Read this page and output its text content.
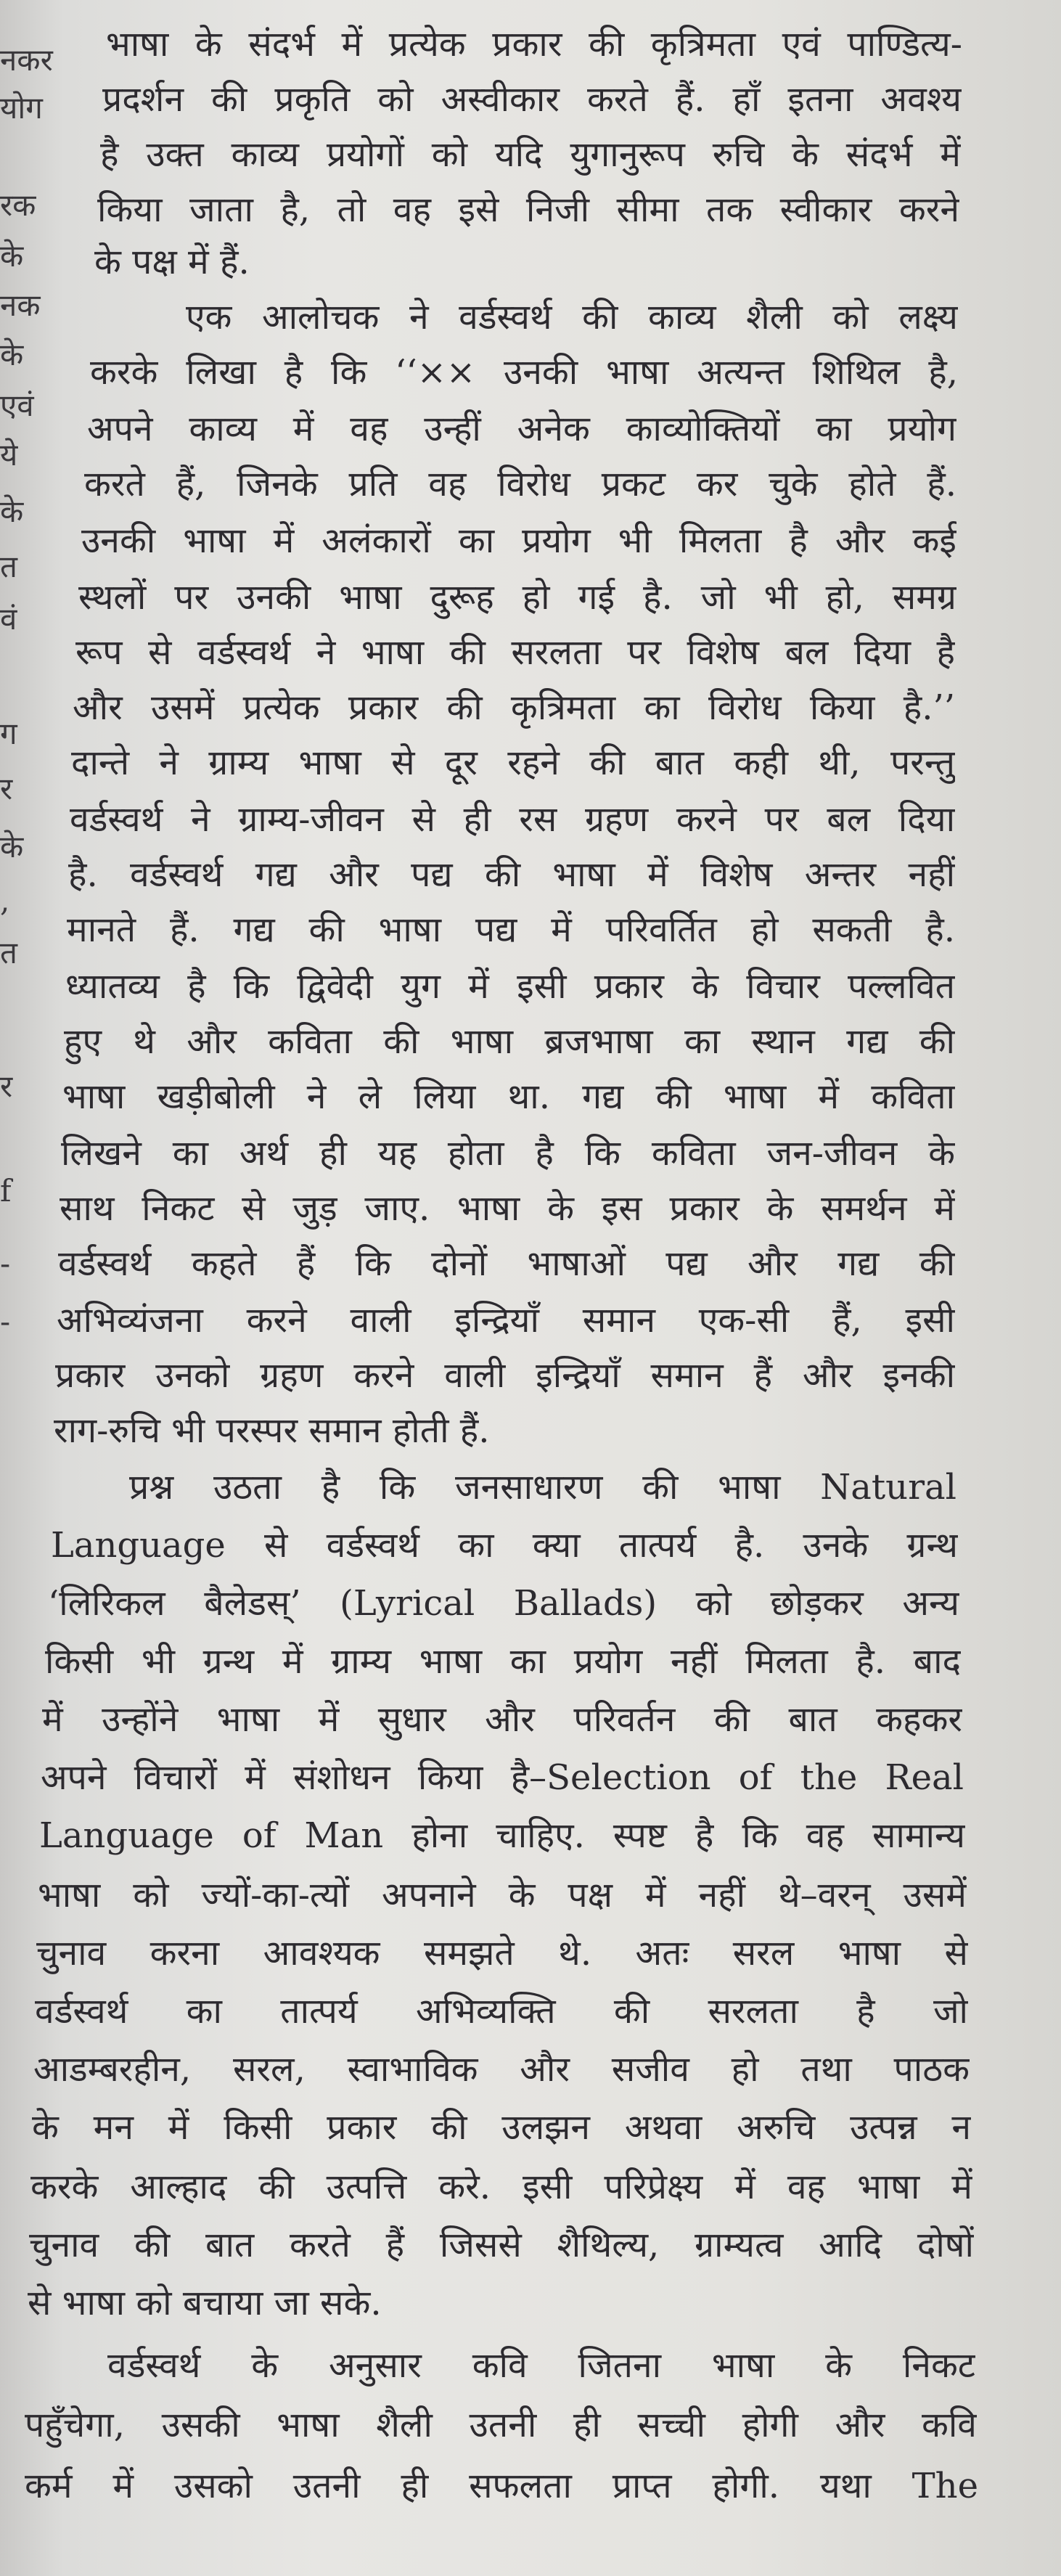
नकर
योग
रक
के
नक
के
एवं
ये
के
त
वं
ग
र
के
,
त
र
f
-
-
भाषा के संदर्भ में प्रत्येक प्रकार की कृत्रिमता एवं पाण्डित्य-
प्रदर्शन की प्रकृति को अस्वीकार करते हैं. हाँ इतना अवश्य
है उक्त काव्य प्रयोगों को यदि युगानुरूप रुचि के संदर्भ में
किया जाता है, तो वह इसे निजी सीमा तक स्वीकार करने
के पक्ष में हैं.
एक आलोचक ने वर्डस्वर्थ की काव्य शैली को लक्ष्य
करके लिखा है कि ‘‘×× उनकी भाषा अत्यन्त शिथिल है,
अपने काव्य में वह उन्हीं अनेक काव्योक्तियों का प्रयोग
करते हैं, जिनके प्रति वह विरोध प्रकट कर चुके होते हैं.
उनकी भाषा में अलंकारों का प्रयोग भी मिलता है और कई
स्थलों पर उनकी भाषा दुरूह हो गई है. जो भी हो, समग्र
रूप से वर्डस्वर्थ ने भाषा की सरलता पर विशेष बल दिया है
और उसमें प्रत्येक प्रकार की कृत्रिमता का विरोध किया है.’’
दान्ते ने ग्राम्य भाषा से दूर रहने की बात कही थी, परन्तु
वर्डस्वर्थ ने ग्राम्य-जीवन से ही रस ग्रहण करने पर बल दिया
है. वर्डस्वर्थ गद्य और पद्य की भाषा में विशेष अन्तर नहीं
मानते हैं. गद्य की भाषा पद्य में परिवर्तित हो सकती है.
ध्यातव्य है कि द्विवेदी युग में इसी प्रकार के विचार पल्लवित
हुए थे और कविता की भाषा ब्रजभाषा का स्थान गद्य की
भाषा खड़ीबोली ने ले लिया था. गद्य की भाषा में कविता
लिखने का अर्थ ही यह होता है कि कविता जन-जीवन के
साथ निकट से जुड़ जाए. भाषा के इस प्रकार के समर्थन में
वर्डस्वर्थ कहते हैं कि दोनों भाषाओं पद्य और गद्य की
अभिव्यंजना करने वाली इन्द्रियाँ समान एक-सी हैं, इसी
प्रकार उनको ग्रहण करने वाली इन्द्रियाँ समान हैं और इनकी
राग-रुचि भी परस्पर समान होती हैं.
प्रश्न उठता है कि जनसाधारण की भाषा Natural
Language से वर्डस्वर्थ का क्या तात्पर्य है. उनके ग्रन्थ
‘लिरिकल बैलेडस्’ (Lyrical Ballads) को छोड़कर अन्य
किसी भी ग्रन्थ में ग्राम्य भाषा का प्रयोग नहीं मिलता है. बाद
में उन्होंने भाषा में सुधार और परिवर्तन की बात कहकर
अपने विचारों में संशोधन किया है–Selection of the Real
Language of Man होना चाहिए. स्पष्ट है कि वह सामान्य
भाषा को ज्यों-का-त्यों अपनाने के पक्ष में नहीं थे–वरन् उसमें
चुनाव करना आवश्यक समझते थे. अतः सरल भाषा से
वर्डस्वर्थ का तात्पर्य अभिव्यक्ति की सरलता है जो
आडम्बरहीन, सरल, स्वाभाविक और सजीव हो तथा पाठक
के मन में किसी प्रकार की उलझन अथवा अरुचि उत्पन्न न
करके आल्हाद की उत्पत्ति करे. इसी परिप्रेक्ष्य में वह भाषा में
चुनाव की बात करते हैं जिससे शैथिल्य, ग्राम्यत्व आदि दोषों
से भाषा को बचाया जा सके.
वर्डस्वर्थ के अनुसार कवि जितना भाषा के निकट
पहुँचेगा, उसकी भाषा शैली उतनी ही सच्ची होगी और कवि
कर्म में उसको उतनी ही सफलता प्राप्त होगी. यथा The
